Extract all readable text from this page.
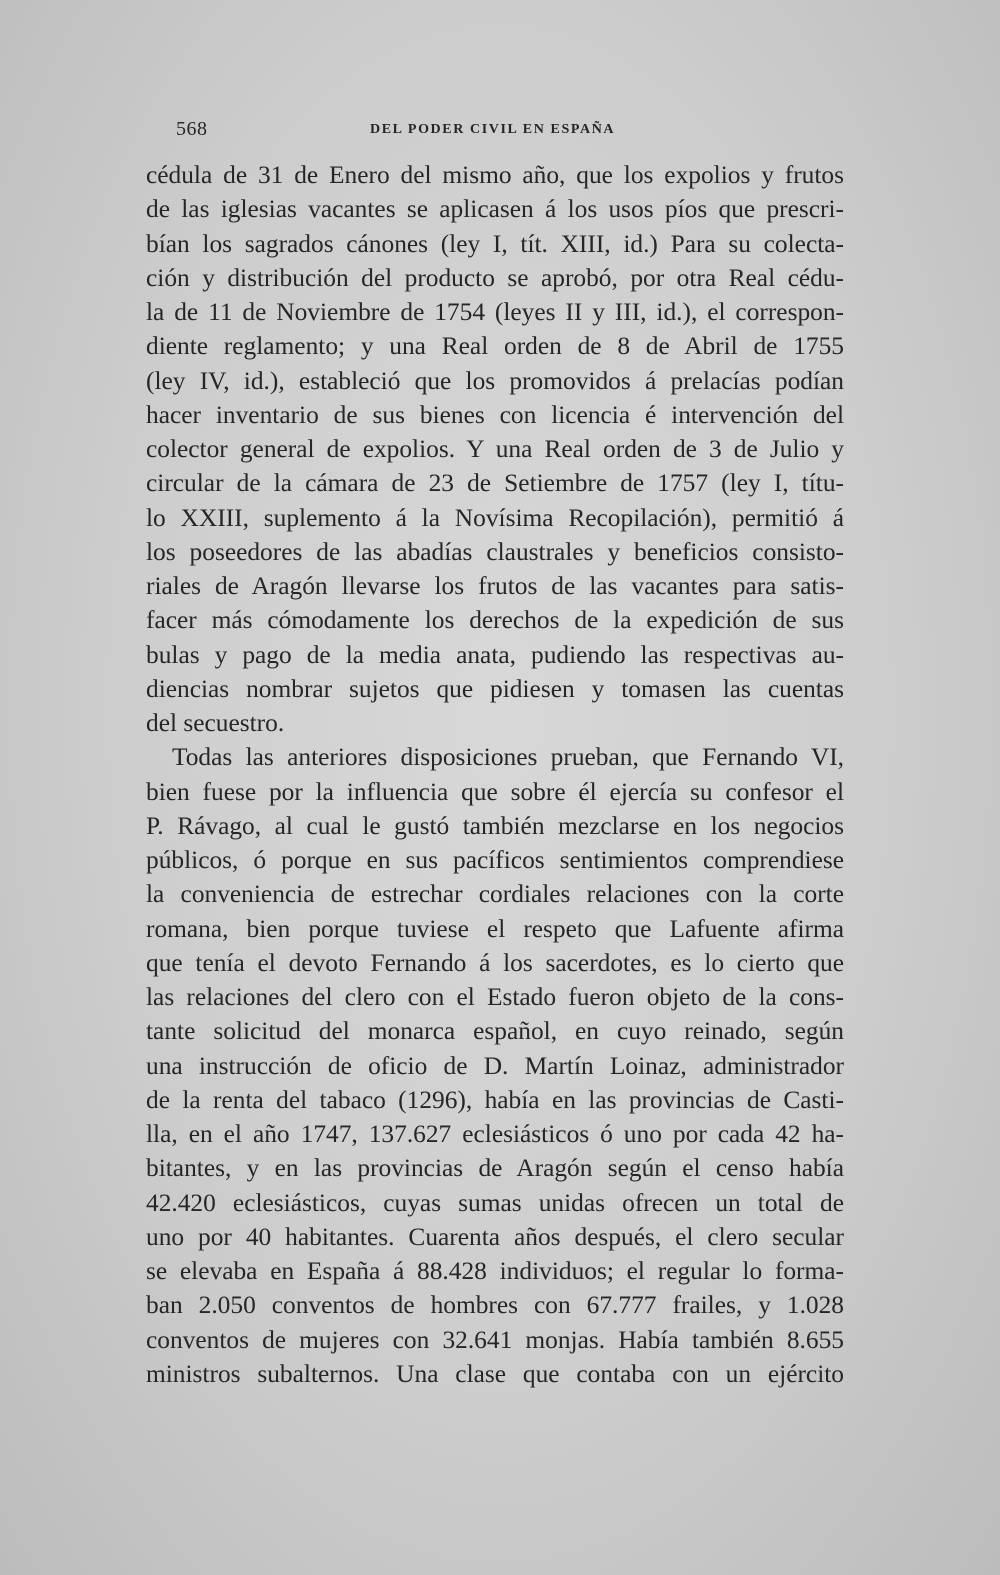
568	DEL PODER CIVIL EN ESPAÑA

cédula de 31 de Enero del mismo año, que los expolios y frutos
de las iglesias vacantes se aplicasen á los usos píos que prescri-
bían los sagrados cánones (ley I, tít. XIII, id.) Para su colecta-
ción y distribución del producto se aprobó, por otra Real cédu-
la de 11 de Noviembre de 1754 (leyes II y III, id.), el correspon-
diente reglamento; y una Real orden de 8 de Abril de 1755
(ley IV, id.), estableció que los promovidos á prelacías podían
hacer inventario de sus bienes con licencia é intervención del
colector general de expolios. Y una Real orden de 3 de Julio y
circular de la cámara de 23 de Setiembre de 1757 (ley I, títu-
lo XXIII, suplemento á la Novísima Recopilación), permitió á
los poseedores de las abadías claustrales y beneficios consisto-
riales de Aragón llevarse los frutos de las vacantes para satis-
facer más cómodamente los derechos de la expedición de sus
bulas y pago de la media anata, pudiendo las respectivas au-
diencias nombrar sujetos que pidiesen y tomasen las cuentas
del secuestro.

Todas las anteriores disposiciones prueban, que Fernando VI,
bien fuese por la influencia que sobre él ejercía su confesor el
P. Rávago, al cual le gustó también mezclarse en los negocios
públicos, ó porque en sus pacíficos sentimientos comprendiese
la conveniencia de estrechar cordiales relaciones con la corte
romana, bien porque tuviese el respeto que Lafuente afirma
que tenía el devoto Fernando á los sacerdotes, es lo cierto que
las relaciones del clero con el Estado fueron objeto de la cons-
tante solicitud del monarca español, en cuyo reinado, según
una instrucción de oficio de D. Martín Loinaz, administrador
de la renta del tabaco (1296), había en las provincias de Casti-
lla, en el año 1747, 137.627 eclesiásticos ó uno por cada 42 ha-
bitantes, y en las provincias de Aragón según el censo había
42.420 eclesiásticos, cuyas sumas unidas ofrecen un total de
uno por 40 habitantes. Cuarenta años después, el clero secular
se elevaba en España á 88.428 individuos; el regular lo forma-
ban 2.050 conventos de hombres con 67.777 frailes, y 1.028
conventos de mujeres con 32.641 monjas. Había también 8.655
ministros subalternos. Una clase que contaba con un ejército
